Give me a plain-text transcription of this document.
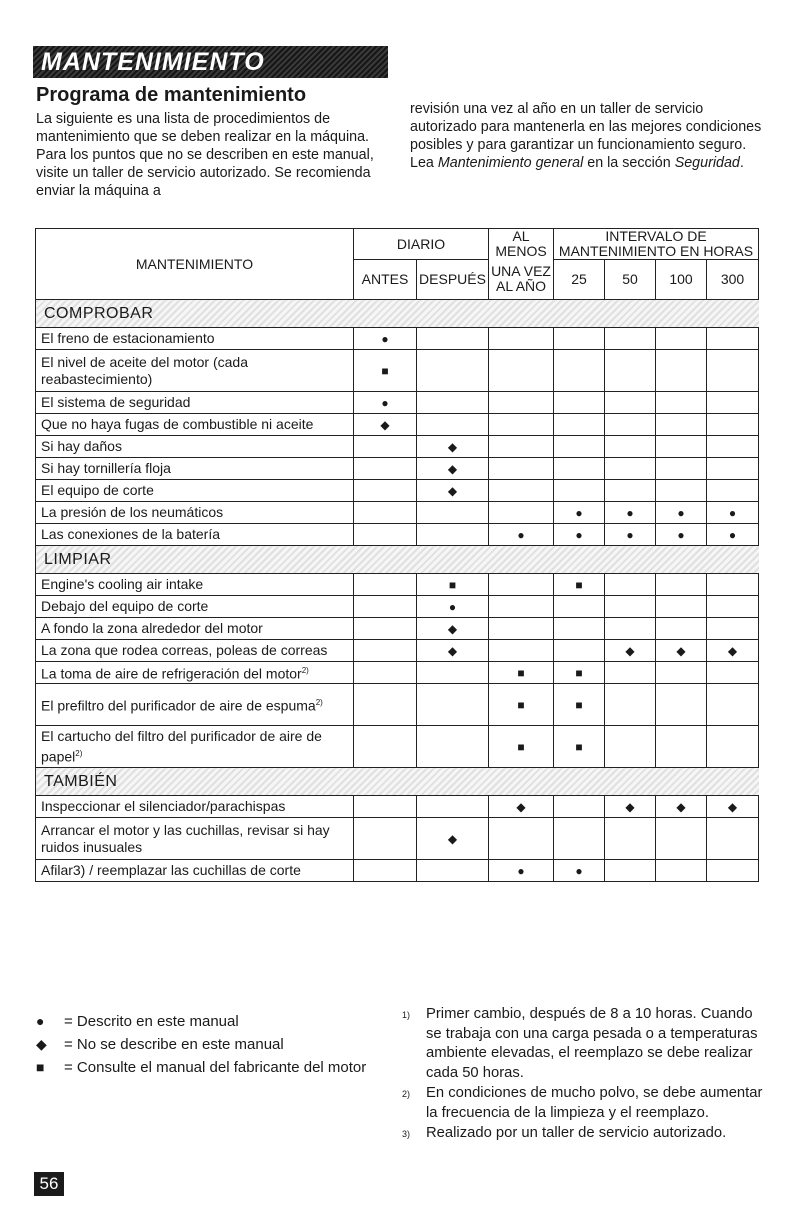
MANTENIMIENTO
Programa de mantenimiento

La siguiente es una lista de procedimientos de mantenimiento que se deben realizar en la máquina. Para los puntos que no se describen en este manual, visite un taller de servicio autorizado. Se recomienda enviar la máquina a

revisión una vez al año en un taller de servicio autorizado para mantenerla en las mejores condiciones posibles y para garantizar un funcionamiento seguro. Lea Mantenimiento general en la sección Seguridad.

MANTENIMIENTO	DIARIO		AL MENOS	INTERVALO DE MANTENIMIENTO EN HORAS			
	ANTES	DESPUÉS	UNA VEZ AL AÑO	25	50	100	300
COMPROBAR							
El freno de estacionamiento	●						
El nivel de aceite del motor (cada reabastecimiento)	■						
El sistema de seguridad	●						
Que no haya fugas de combustible ni aceite	◆						
Si hay daños		◆					
Si hay tornillería floja		◆					
El equipo de corte		◆					
La presión de los neumáticos				●	●	●	●
Las conexiones de la batería			●	●	●	●	●
LIMPIAR							
Engine's cooling air intake		■		■			
Debajo del equipo de corte		●					
A fondo la zona alrededor del motor		◆					
La zona que rodea correas, poleas de correas		◆			◆	◆	◆
La toma de aire de refrigeración del motor$^{2)}$			■	■			
El prefiltro del purificador de aire de espuma$^{2)}$			■	■			
El cartucho del filtro del purificador de aire de papel$^{2)}$			■	■			
TAMBIÉN							
Inspeccionar el silenciador/parachispas			◆		◆	◆	◆
Arrancar el motor y las cuchillas, revisar si hay ruidos inusuales		◆					
Afilar3) / reemplazar las cuchillas de corte			●	●			
●	= Descrito en este manual
◆	= No se describe en este manual
■	= Consulte el manual del fabricante del motor
1)	Primer cambio, después de 8 a 10 horas. Cuando se trabaja con una carga pesada o a temperaturas ambiente elevadas, el reemplazo se debe realizar cada 50 horas.
2)	En condiciones de mucho polvo, se debe aumentar la frecuencia de la limpieza y el reemplazo.
3)	Realizado por un taller de servicio autorizado.
56
